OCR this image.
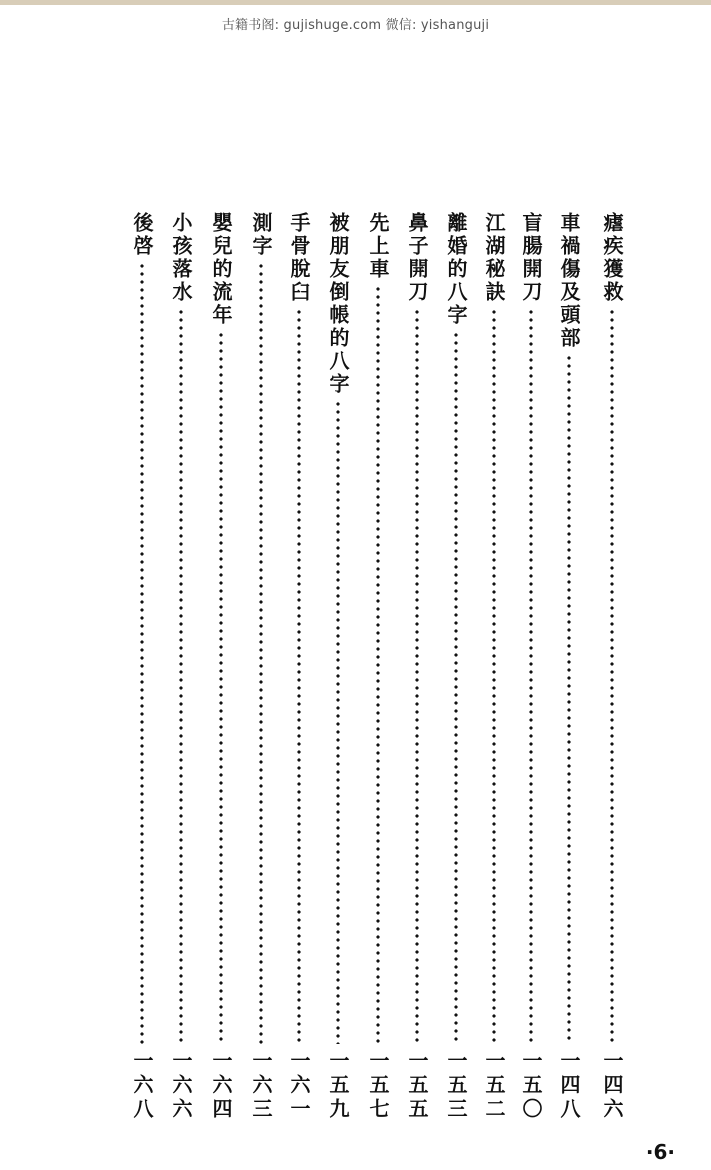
古籍书阁: gujishuge.com 微信: yishanguji
瘧疾獲救
一四六
車禍傷及頭部
一四八
盲腸開刀
一五〇
江湖秘訣
一五二
離婚的八字
一五三
鼻子開刀
一五五
先上車
一五七
被朋友倒帳的八字
一五九
手骨脫臼
一六一
測字
一六三
嬰兒的流年
一六四
小孩落水
一六六
後啓
一六八
·6·
